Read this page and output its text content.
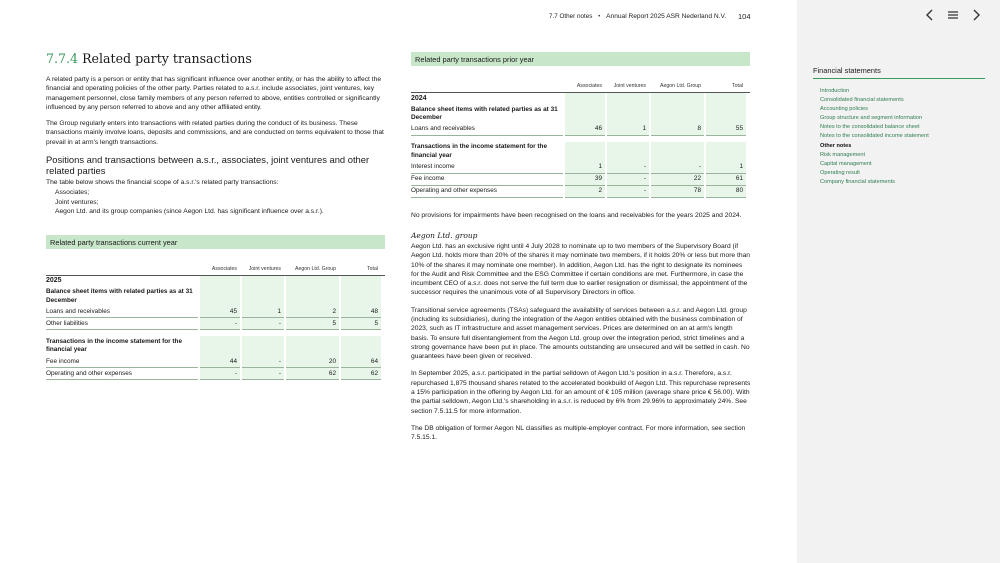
7.7 Other notes • Annual Report 2025 ASR Nederland N.V. 104
7.7.4 Related party transactions

A related party is a person or entity that has significant influence over another entity, or has the ability to affect the financial and operating policies of the other party. Parties related to a.s.r. include associates, joint ventures, key management personnel, close family members of any person referred to above, entities controlled or significantly influenced by any person referred to above and any other affiliated entity.

The Group regularly enters into transactions with related parties during the conduct of its business. These transactions mainly involve loans, deposits and commissions, and are conducted on terms equivalent to those that prevail in at arm's length transactions.

Positions and transactions between a.s.r., associates, joint ventures and other related parties

The table below shows the financial scope of a.s.r.'s related party transactions:

Associates;
Joint ventures;
Aegon Ltd. and its group companies (since Aegon Ltd. has significant influence over a.s.r.).
Related party transactions current year
Associates	Joint ventures	Aegon Ltd. Group	Total
2025
Balance sheet items with related parties as at 31 December
Loans and receivables	45	1	2	48
Other liabilities	-	-	5	5
Transactions in the income statement for the financial year
Fee income	44	-	20	64
Operating and other expenses	-	-	62	62
Related party transactions prior year
Associates	Joint ventures	Aegon Ltd. Group	Total
2024
Balance sheet items with related parties as at 31 December
Loans and receivables	46	1	8	55
Transactions in the income statement for the financial year
Interest income	1	-	-	1
Fee income	39	-	22	61
Operating and other expenses	2	-	78	80

No provisions for impairments have been recognised on the loans and receivables for the years 2025 and 2024.

Aegon Ltd. group

Aegon Ltd. has an exclusive right until 4 July 2028 to nominate up to two members of the Supervisory Board (if Aegon Ltd. holds more than 20% of the shares it may nominate two members, if it holds 20% or less but more than 10% of the shares it may nominate one member). In addition, Aegon Ltd. has the right to designate its nominees for the Audit and Risk Committee and the ESG Committee if certain conditions are met. Furthermore, in case the incumbent CEO of a.s.r. does not serve the full term due to earlier resignation or dismissal, the appointment of the successor requires the unanimous vote of all Supervisory Directors in office.

Transitional service agreements (TSAs) safeguard the availability of services between a.s.r. and Aegon Ltd. group (including its subsidiaries), during the integration of the Aegon entities obtained with the business combination of 2023, such as IT infrastructure and asset management services. Prices are determined on an at arm's length basis. To ensure full disentanglement from the Aegon Ltd. group over the integration period, strict timelines and a strong governance have been put in place. The amounts outstanding are unsecured and will be settled in cash. No guarantees have been given or received.

In September 2025, a.s.r. participated in the partial selldown of Aegon Ltd.'s position in a.s.r. Therefore, a.s.r. repurchased 1,875 thousand shares related to the accelerated bookbuild of Aegon Ltd. This repurchase represents a 15% participation in the offering by Aegon Ltd. for an amount of € 105 million (average share price € 56.00). With the partial selldown, Aegon Ltd.'s shareholding in a.s.r. is reduced by 6% from 29.96% to approximately 24%. See section 7.5.11.5 for more information.

The DB obligation of former Aegon NL classifies as multiple-employer contract. For more information, see section 7.5.15.1.

Financial statements
Introduction
Consolidated financial statements
Accounting policies
Group structure and segment information
Notes to the consolidated balance sheet
Notes to the consolidated income statement
Other notes
Risk management
Capital management
Operating result
Company financial statements
